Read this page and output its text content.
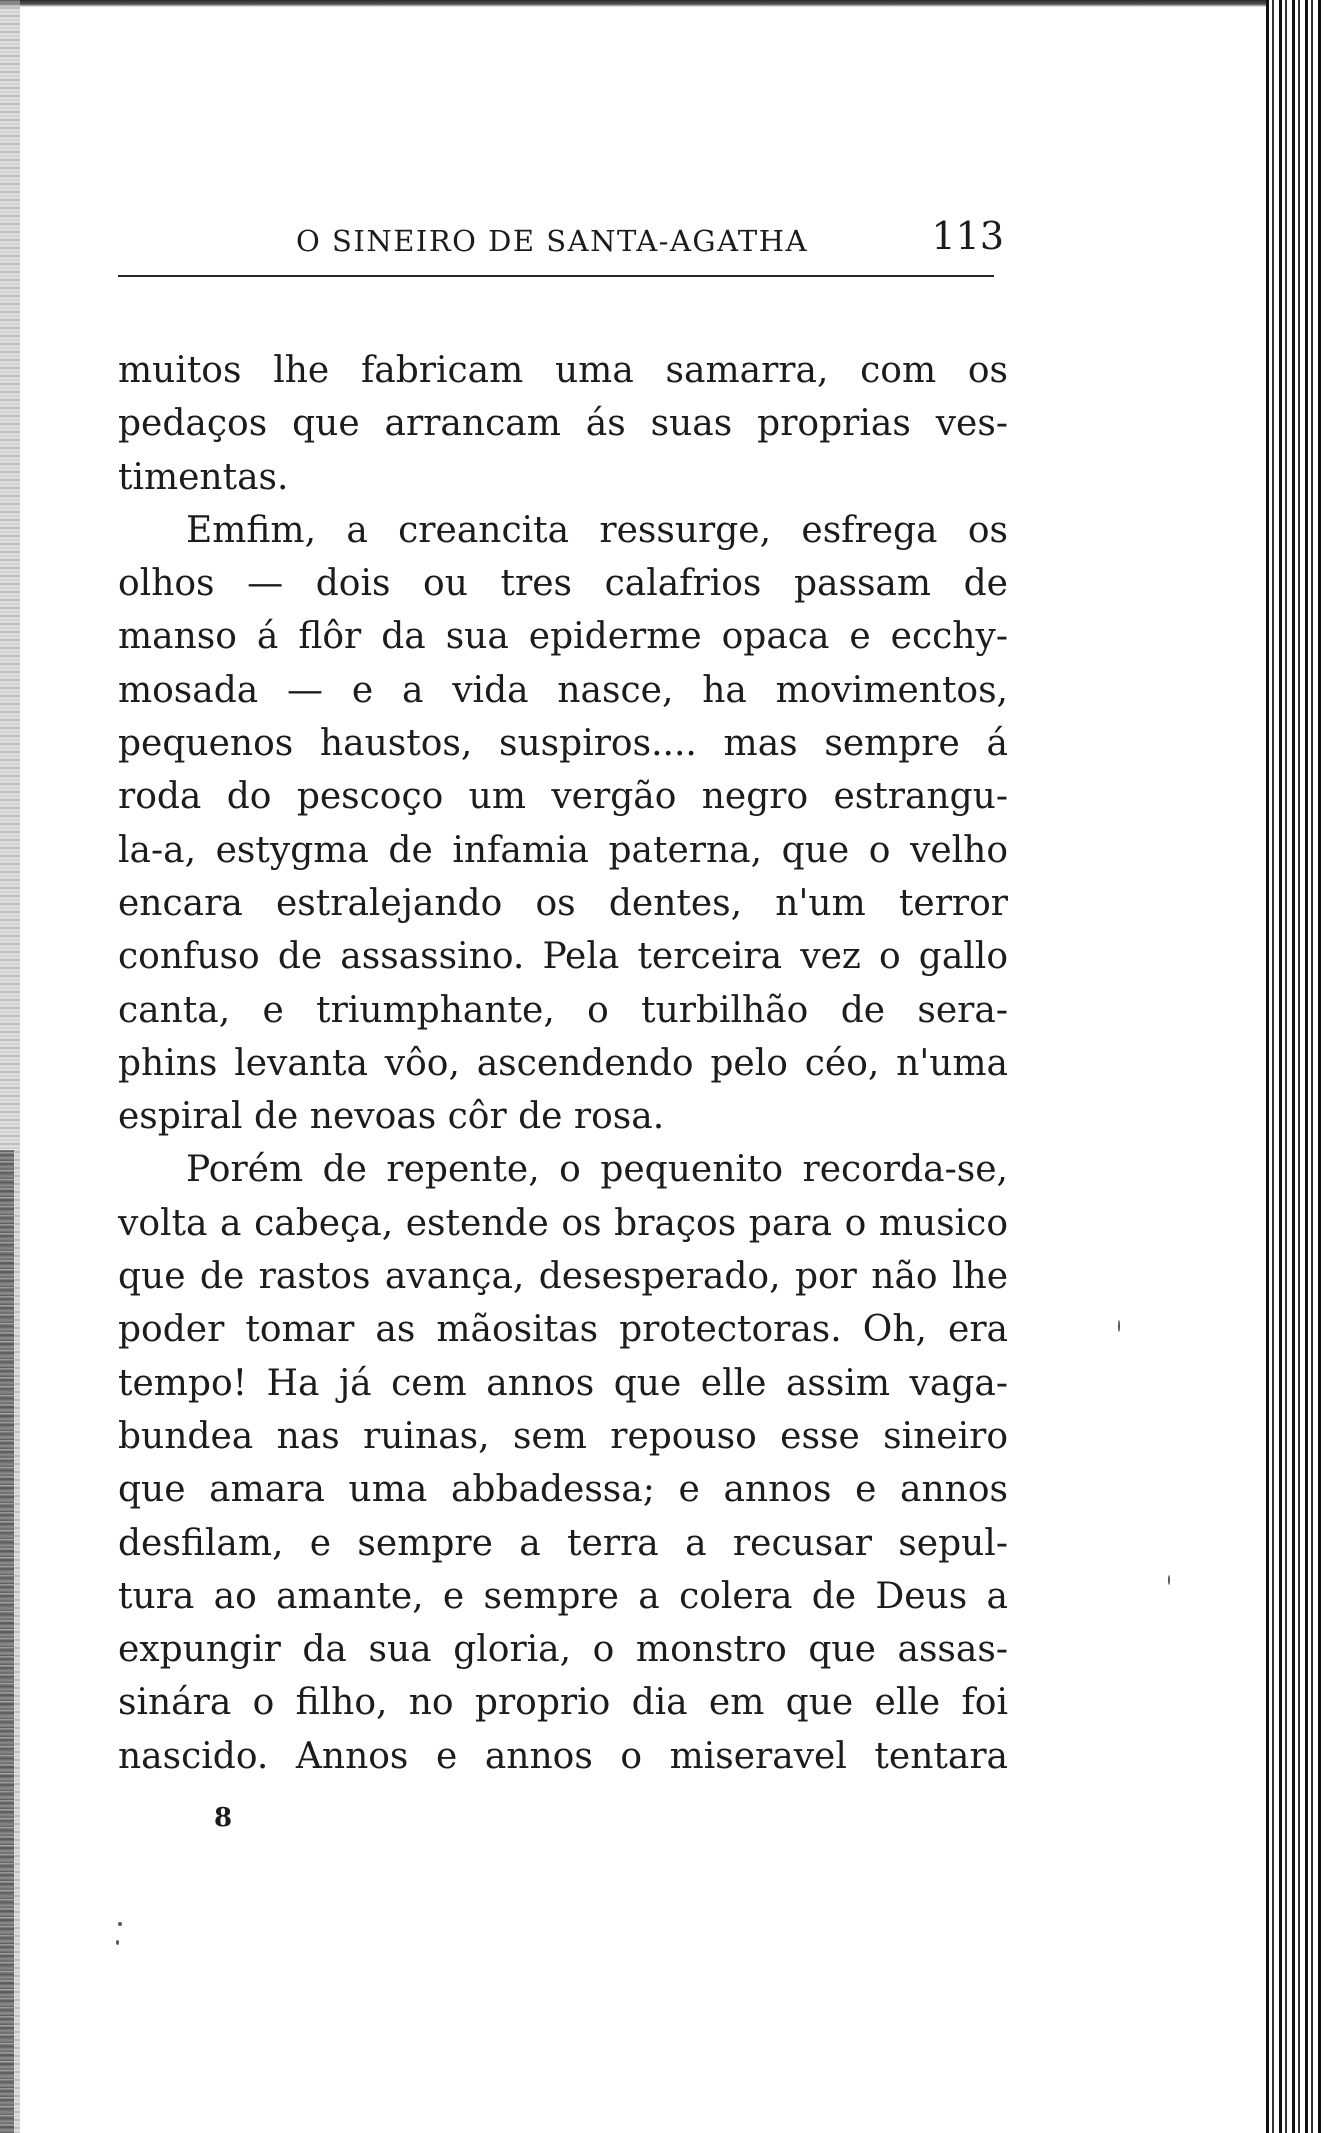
O SINEIRO DE SANTA-AGATHA	113
muitos lhe fabricam uma samarra, com os
pedaços que arrancam ás suas proprias ves-
timentas.
Emfim, a creancita ressurge, esfrega os
olhos — dois ou tres calafrios passam de
manso á flôr da sua epiderme opaca e ecchy-
mosada — e a vida nasce, ha movimentos,
pequenos haustos, suspiros.... mas sempre á
roda do pescoço um vergão negro estrangu-
la-a, estygma de infamia paterna, que o velho
encara estralejando os dentes, n'um terror
confuso de assassino. Pela terceira vez o gallo
canta, e triumphante, o turbilhão de sera-
phins levanta vôo, ascendendo pelo céo, n'uma
espiral de nevoas côr de rosa.
Porém de repente, o pequenito recorda-se,
volta a cabeça, estende os braços para o musico
que de rastos avança, desesperado, por não lhe
poder tomar as mãositas protectoras. Oh, era
tempo! Ha já cem annos que elle assim vaga-
bundea nas ruinas, sem repouso esse sineiro
que amara uma abbadessa; e annos e annos
desfilam, e sempre a terra a recusar sepul-
tura ao amante, e sempre a colera de Deus a
expungir da sua gloria, o monstro que assas-
sinára o filho, no proprio dia em que elle foi
nascido. Annos e annos o miseravel tentara
8
